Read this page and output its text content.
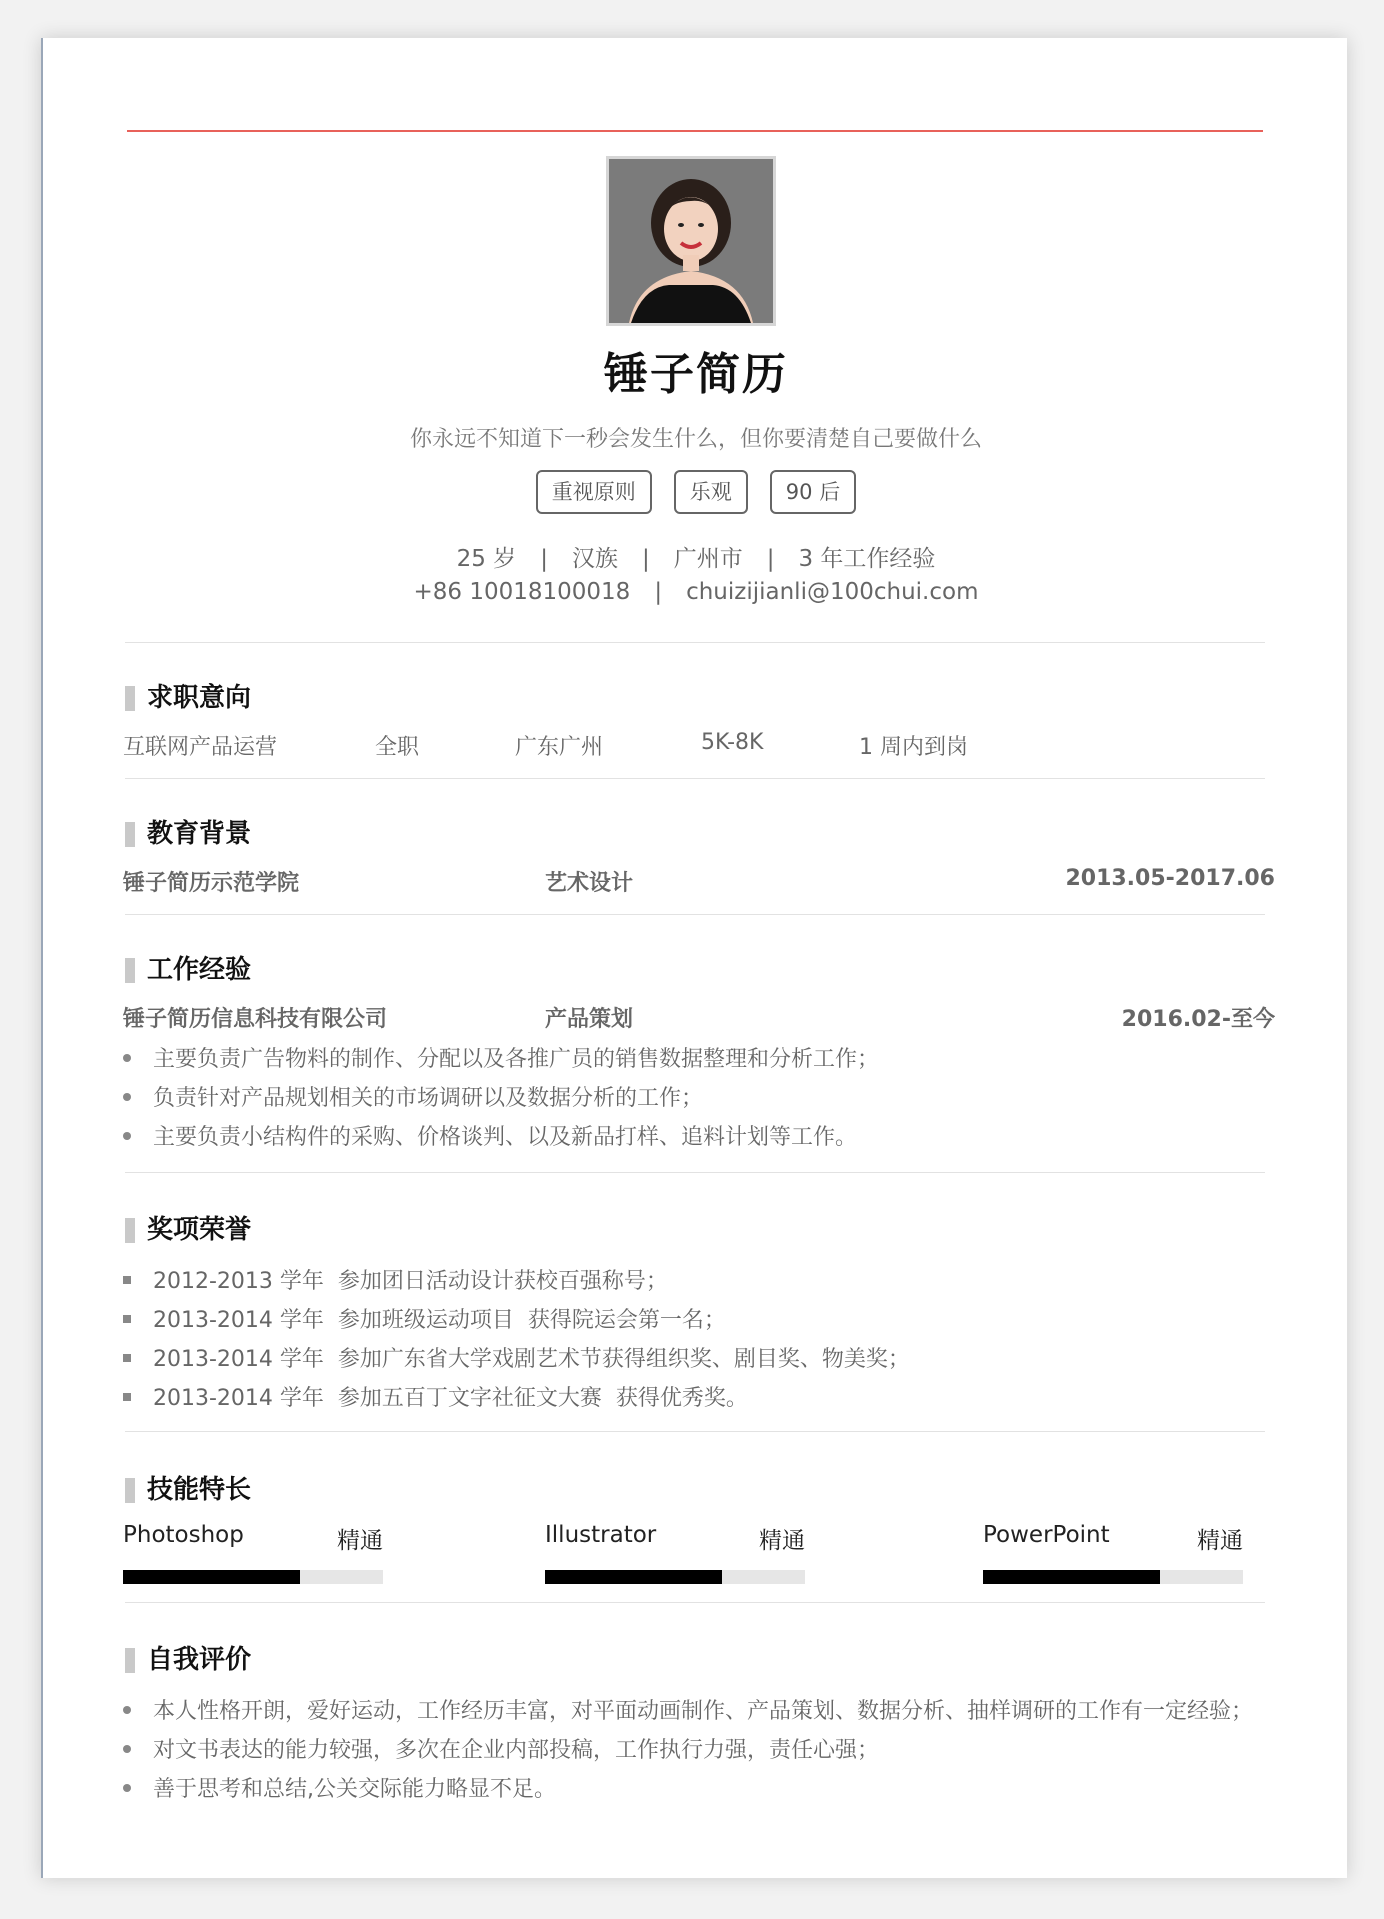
锤子简历
你永远不知道下一秒会发生什么，但你要清楚自己要做什么
重视原则	乐观	90 后
25 岁 | 汉族 | 广州市 | 3 年工作经验
+86 10018100018 | chuizijianli@100chui.com
求职意向
互联网产品运营	全职	广东广州	5K-8K	1 周内到岗
教育背景
锤子简历示范学院	艺术设计	2013.05-2017.06
工作经验
锤子简历信息科技有限公司	产品策划	2016.02-至今
主要负责广告物料的制作、分配以及各推广员的销售数据整理和分析工作；
负责针对产品规划相关的市场调研以及数据分析的工作；
主要负责小结构件的采购、价格谈判、以及新品打样、追料计划等工作。
奖项荣誉
2012-2013 学年  参加团日活动设计获校百强称号；
2013-2014 学年  参加班级运动项目  获得院运会第一名；
2013-2014 学年  参加广东省大学戏剧艺术节获得组织奖、剧目奖、物美奖；
2013-2014 学年  参加五百丁文字社征文大赛  获得优秀奖。
技能特长
Photoshop	精通	Illustrator	精通	PowerPoint	精通
自我评价
本人性格开朗，爱好运动，工作经历丰富，对平面动画制作、产品策划、数据分析、抽样调研的工作有一定经验；
对文书表达的能力较强，多次在企业内部投稿，工作执行力强，责任心强；
善于思考和总结,公关交际能力略显不足。
